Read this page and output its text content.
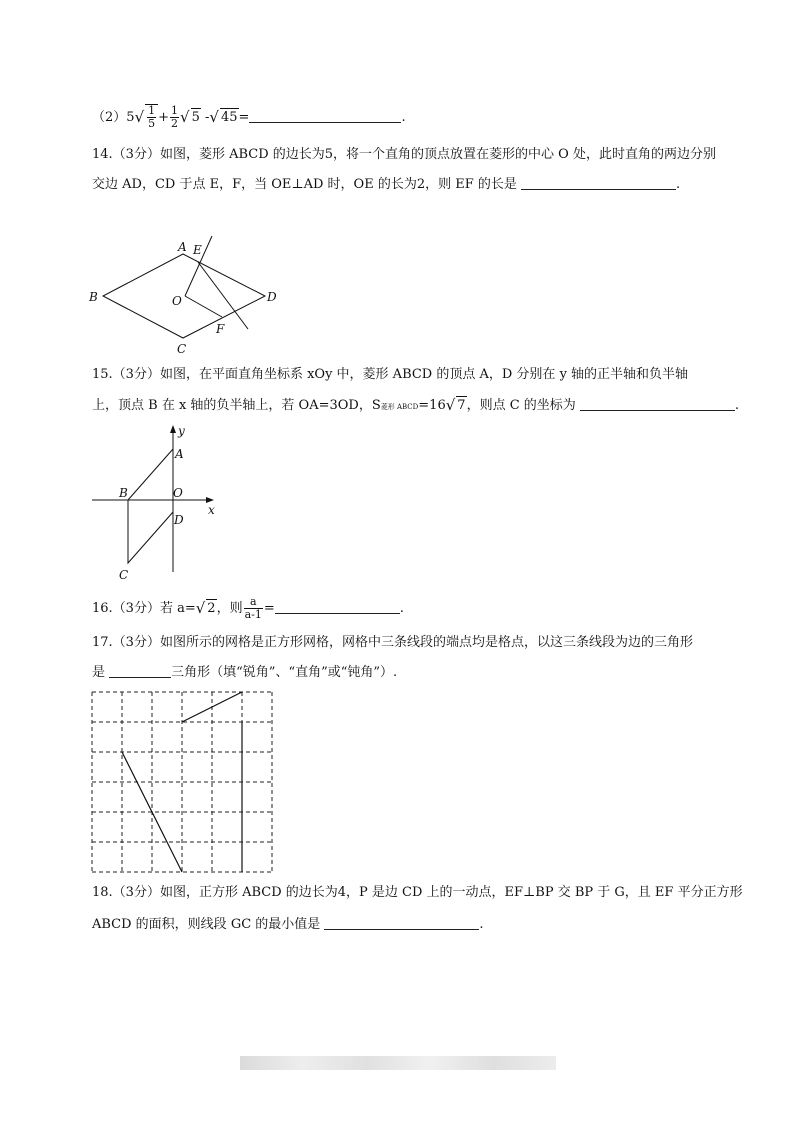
$(2)5√ \frac{1}{5} + \frac{1}{2}$ √ 5 -√ 45=	.
14.（3分）如图，菱形 ABCD 的边长为5，将一个直角的顶点放置在菱形的中心 O 处，此时直角的两边分别
交边 AD，CD 于点 E，F，当 OE⊥AD 时，OE 的长为2，则 EF 的长是	.
A E
B	O	D
F
C
15.（3分）如图，在平面直角坐标系 xOy 中，菱形 ABCD 的顶点 A，D 分别在 y 轴的正半轴和负半轴
上，顶点 B 在 x 轴的负半轴上，若 OA=3OD，S菱形 ABCD=16√ 7，则点 C 的坐标为	.
y
A
B	O
x
D
C
16.（3分）若 a=√ 2，则 $\frac{a}{a-1}$ =	.
17.（3分）如图所示的网格是正方形网格，网格中三条线段的端点均是格点，以这三条线段为边的三角形
是	三角形（填“锐角”、“直角”或“钝角”）.
18.（3分）如图，正方形 ABCD 的边长为4，P 是边 CD 上的一动点，EF⊥BP 交 BP 于 G，且 EF 平分正方形
ABCD 的面积，则线段 GC 的最小值是	.
